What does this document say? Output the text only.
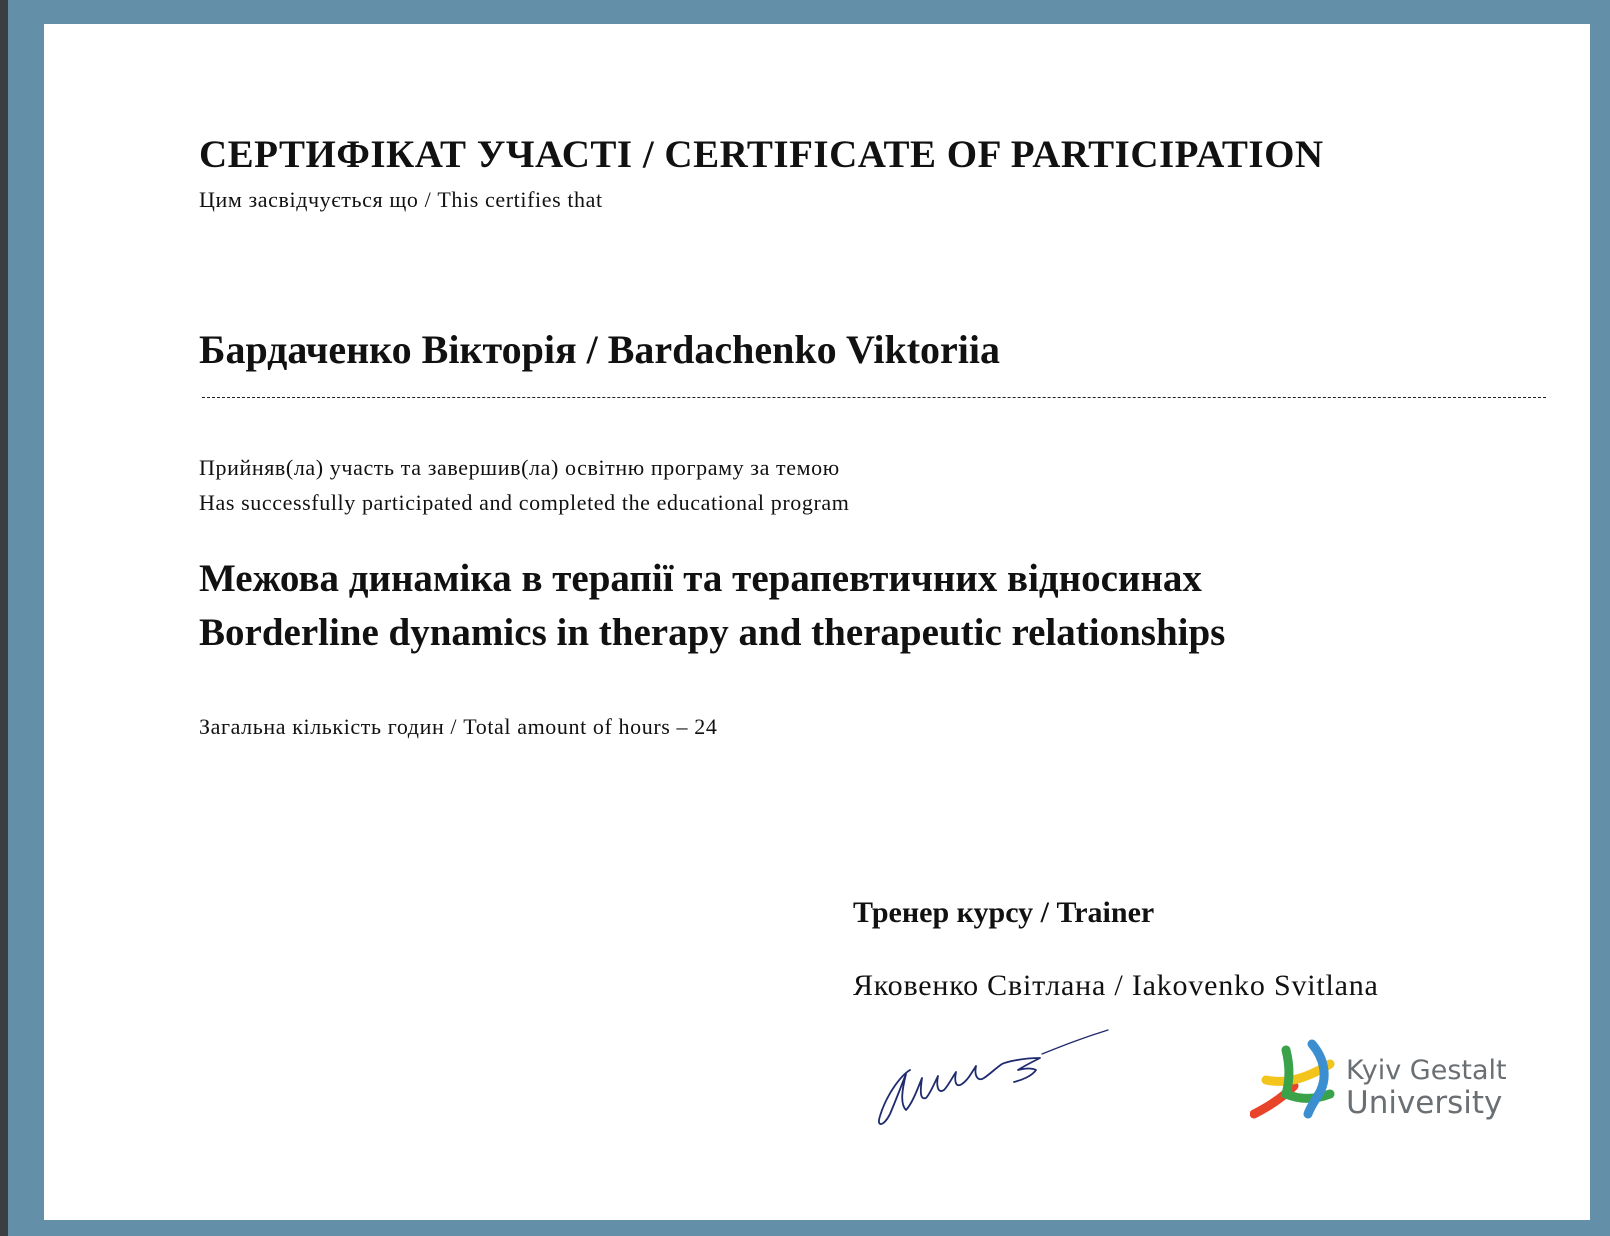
СЕРТИФІКАТ УЧАСТІ / CERTIFICATE OF PARTICIPATION
Цим засвідчується що / This certifies that
Бардаченко Вікторія / Bardachenko Viktoriia
Прийняв(ла) участь та завершив(ла) освітню програму за темою
Has successfully participated and completed the educational program
Межова динаміка в терапії та терапевтичних відносинах
Borderline dynamics in therapy and therapeutic relationships
Загальна кількість годин / Total amount of hours – 24
Тренер курсу / Trainer
Яковенко Світлана / Iakovenko Svitlana
Kyiv Gestalt
University
